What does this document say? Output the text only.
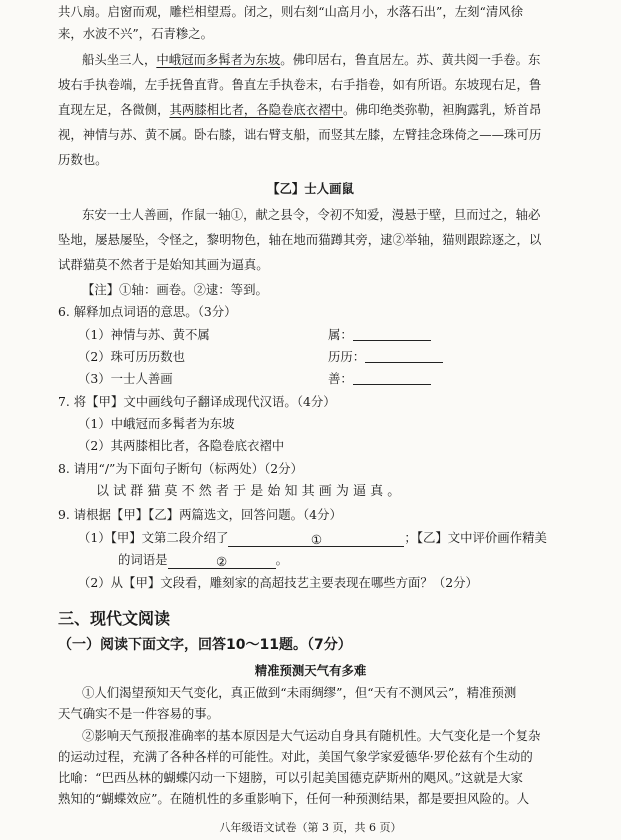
共八扇。启窗而观，雕栏相望焉。闭之，则右刻“山高月小，水落石出”，左刻“清风徐
来，水波不兴”，石青糁之。
船头坐三人，中峨冠而多髯者为东坡。佛印居右，鲁直居左。苏、黄共阅一手卷。东
坡右手执卷端，左手抚鲁直背。鲁直左手执卷末，右手指卷，如有所语。东坡现右足，鲁
直现左足，各微侧，其两膝相比者，各隐卷底衣褶中。佛印绝类弥勒，袒胸露乳，矫首昂
视，神情与苏、黄不属。卧右膝，诎右臂支船，而竖其左膝，左臂挂念珠倚之——珠可历
历数也。
【乙】士人画鼠
东安一士人善画，作鼠一轴①，献之县令，令初不知爱，漫悬于壁，旦而过之，轴必
坠地，屡悬屡坠，令怪之，黎明物色，轴在地而猫蹲其旁，逮②举轴，猫则跟踪逐之，以
试群猫莫不然者于是始知其画为逼真。
【注】①轴：画卷。②逮：等到。
6. 解释加点词语的意思。（3分）
（1）神情与苏、黄不属	属：
（2）珠可历历数也	历历：
（3）一士人善画	善：
7. 将【甲】文中画线句子翻译成现代汉语。（4分）
（1）中峨冠而多髯者为东坡
（2）其两膝相比者，各隐卷底衣褶中
8. 请用“/”为下面句子断句（标两处）（2分）
以 试 群 猫 莫 不 然 者 于 是 始 知 其 画 为 逼 真 。
9. 请根据【甲】【乙】两篇选文，回答问题。（4分）
（1）【甲】文第二段介绍了	①	；【乙】文中评价画作精美
的词语是	②	。
（2）从【甲】文段看，雕刻家的高超技艺主要表现在哪些方面？（2分）
三、现代文阅读
（一）阅读下面文字，回答10～11题。（7分）
精准预测天气有多难
①人们渴望预知天气变化，真正做到“未雨绸缪”，但“天有不测风云”，精准预测
天气确实不是一件容易的事。
②影响天气预报准确率的基本原因是大气运动自身具有随机性。大气变化是一个复杂
的运动过程，充满了各种各样的可能性。对此，美国气象学家爱德华·罗伦兹有个生动的
比喻：“巴西丛林的蝴蝶闪动一下翅膀，可以引起美国德克萨斯州的飓风。”这就是大家
熟知的“蝴蝶效应”。在随机性的多重影响下，任何一种预测结果，都是要担风险的。人
八年级语文试卷（第 3 页，共 6 页）
